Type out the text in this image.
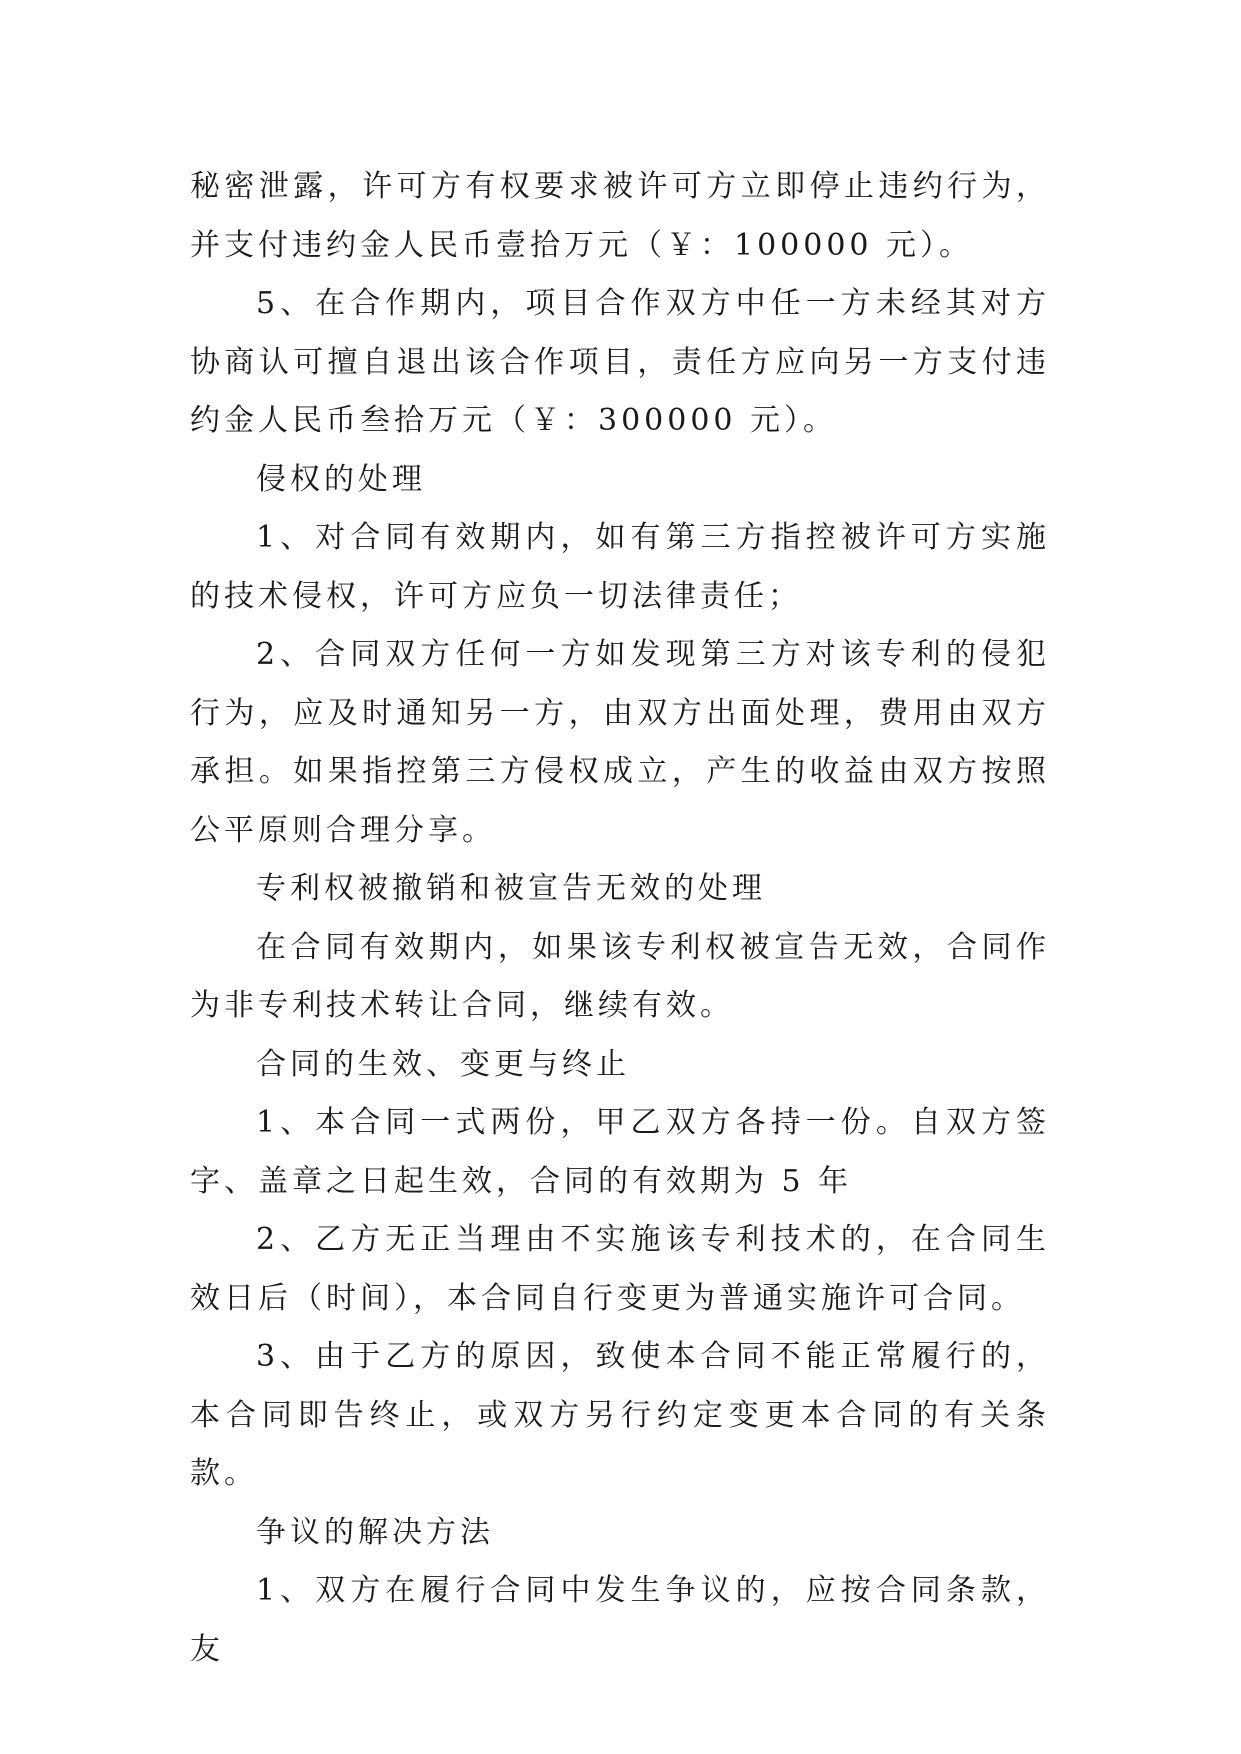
秘密泄露，许可方有权要求被许可方立即停止违约行为，并支付违约金人民币壹拾万元（￥：100000 元）。

5、在合作期内，项目合作双方中任一方未经其对方协商认可擅自退出该合作项目，责任方应向另一方支付违约金人民币叁拾万元（￥：300000 元）。

侵权的处理

1、对合同有效期内，如有第三方指控被许可方实施的技术侵权，许可方应负一切法律责任；

2、合同双方任何一方如发现第三方对该专利的侵犯行为，应及时通知另一方，由双方出面处理，费用由双方承担。如果指控第三方侵权成立，产生的收益由双方按照公平原则合理分享。

专利权被撤销和被宣告无效的处理

在合同有效期内，如果该专利权被宣告无效，合同作为非专利技术转让合同，继续有效。

合同的生效、变更与终止

1、本合同一式两份，甲乙双方各持一份。自双方签字、盖章之日起生效，合同的有效期为 5 年

2、乙方无正当理由不实施该专利技术的，在合同生效日后（时间），本合同自行变更为普通实施许可合同。

3、由于乙方的原因，致使本合同不能正常履行的，本合同即告终止，或双方另行约定变更本合同的有关条款。

争议的解决方法

1、双方在履行合同中发生争议的，应按合同条款，友
